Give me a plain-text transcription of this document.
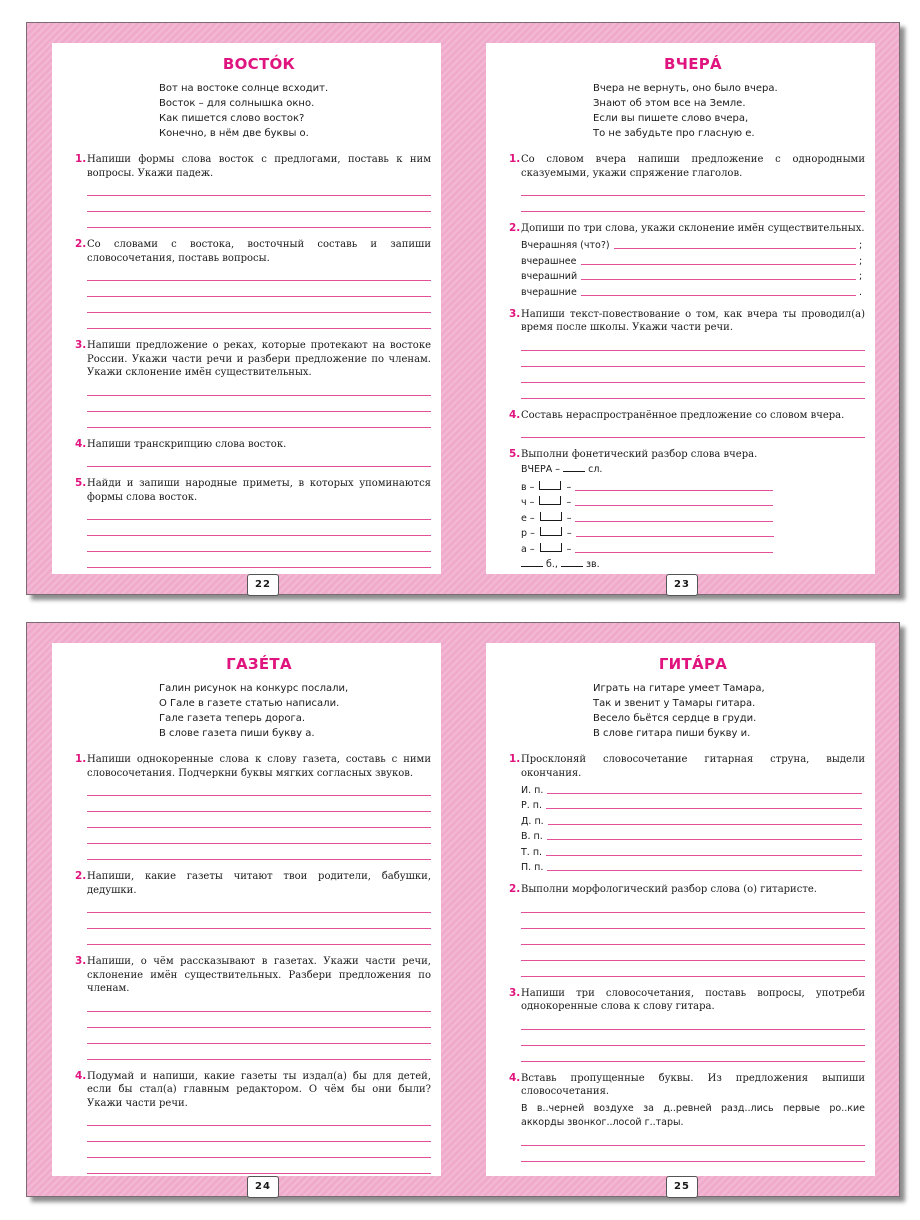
ВОСТÓК
Вот на востоке солнце всходит.
Восток – для солнышка окно.
Как пишется слово восток?
Конечно, в нём две буквы о.
1. Напиши формы слова восток с предлогами, поставь к ним вопросы. Укажи падеж.
2. Со словами с востока, восточный составь и запиши словосочетания, поставь вопросы.
3. Напиши предложение о реках, которые протекают на востоке России. Укажи части речи и разбери предложение по членам. Укажи склонение имён существительных.
4. Напиши транскрипцию слова восток.
5. Найди и запиши народные приметы, в которых упоминаются формы слова восток.
22
ВЧЕРÁ
Вчера не вернуть, оно было вчера.
Знают об этом все на Земле.
Если вы пишете слово вчера,
То не забудьте про гласную е.
1. Со словом вчера напиши предложение с однородными сказуемыми, укажи спряжение глаголов.
2. Допиши по три слова, укажи склонение имён существительных.
Вчерашняя (что?)	;
вчерашнее	;
вчерашний	;
вчерашние	.
3. Напиши текст-повествование о том, как вчера ты проводил(а) время после школы. Укажи части речи.
4. Составь нераспространённое предложение со словом вчера.
5. Выполни фонетический разбор слова вчера.
ВЧЕРА –	сл.
в –	–
ч –	–
е –	–
р –	–
а –	–
б.,	зв.
23
ГАЗÉТА
Галин рисунок на конкурс послали,
О Гале в газете статью написали.
Гале газета теперь дорога.
В слове газета пиши букву а.
1. Напиши однокоренные слова к слову газета, составь с ними словосочетания. Подчеркни буквы мягких согласных звуков.
2. Напиши, какие газеты читают твои родители, бабушки, дедушки.
3. Напиши, о чём рассказывают в газетах. Укажи части речи, склонение имён существительных. Разбери предложения по членам.
4. Подумай и напиши, какие газеты ты издал(а) бы для детей, если бы стал(а) главным редактором. О чём бы они были? Укажи части речи.
24
ГИТÁРА
Играть на гитаре умеет Тамара,
Так и звенит у Тамары гитара.
Весело бьётся сердце в груди.
В слове гитара пиши букву и.
1. Просклоняй словосочетание гитарная струна, выдели окончания.
И. п.
Р. п.
Д. п.
В. п.
Т. п.
П. п.
2. Выполни морфологический разбор слова (о) гитаристе.
3. Напиши три словосочетания, поставь вопросы, употреби однокоренные слова к слову гитара.
4. Вставь пропущенные буквы. Из предложения выпиши словосочетания.
В в..черней воздухе за д..ревней разд..лись первые ро..кие аккорды звонког..лосой г..тары.
25
